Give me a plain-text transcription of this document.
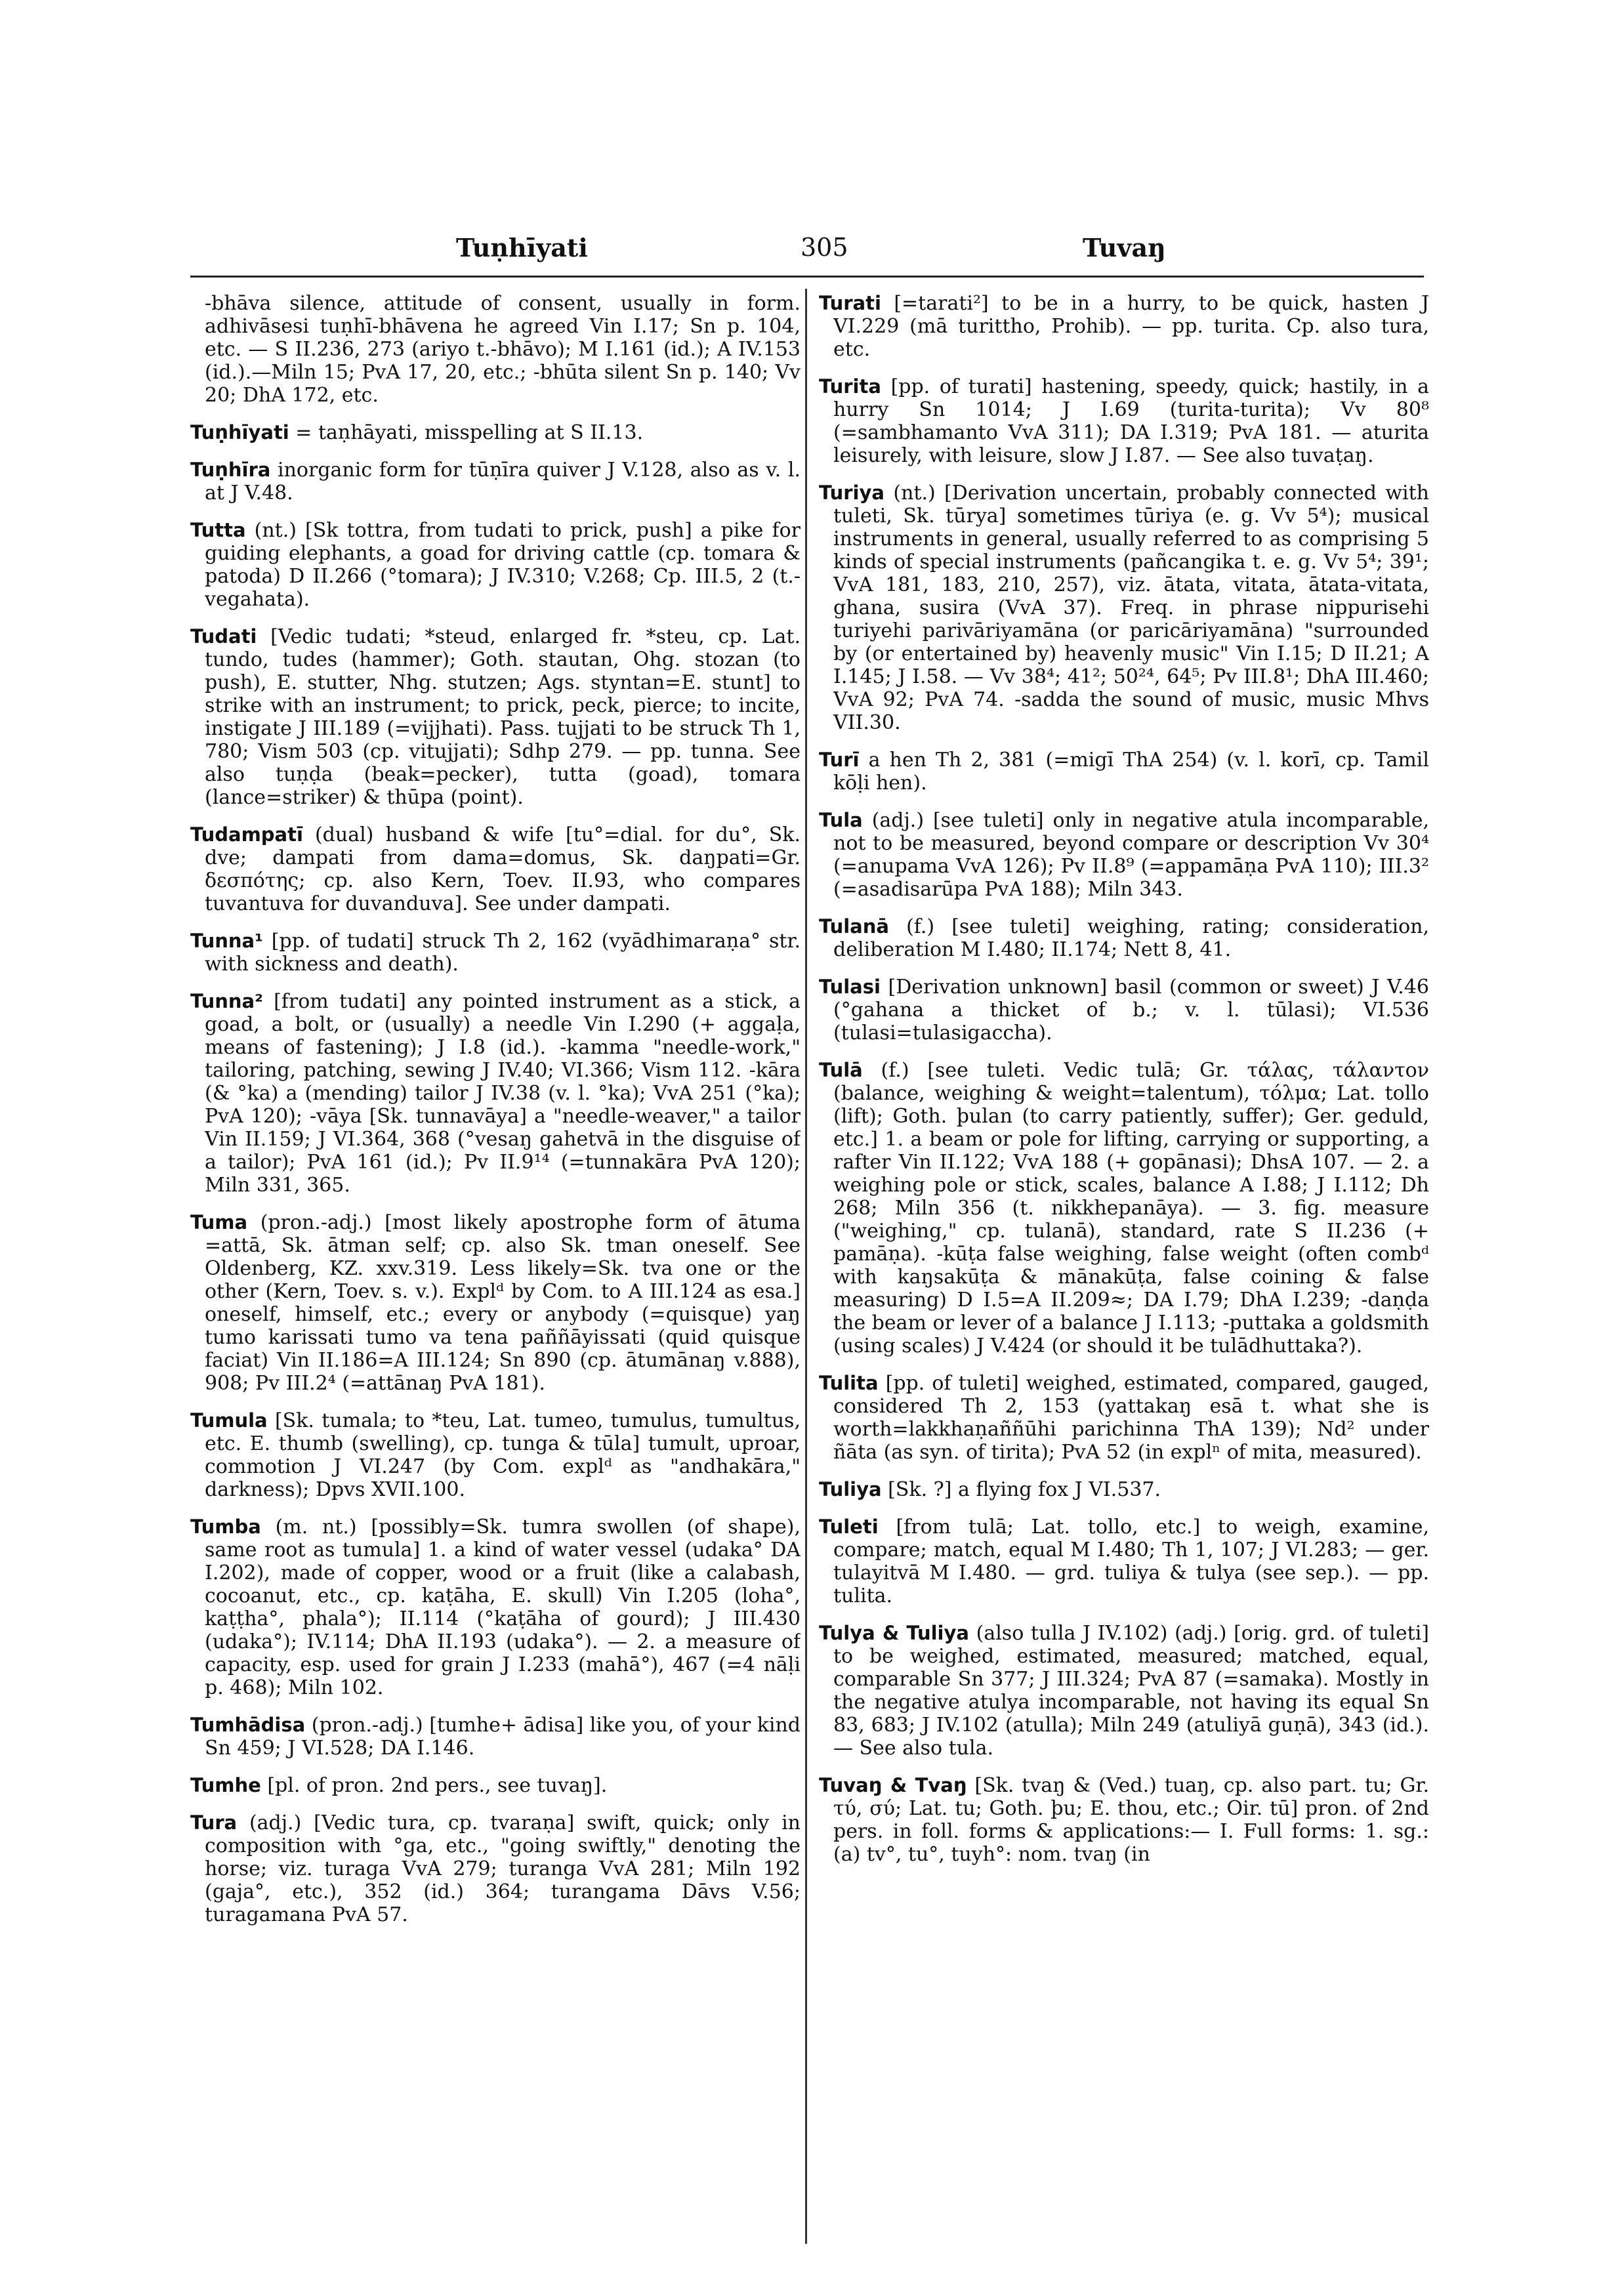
Tuṇhīyati	305	Tuvaŋ

-bhāva silence, attitude of consent, usually in form. adhivāsesi tuṇhī-bhāvena he agreed Vin I.17; Sn p. 104, etc. — S II.236, 273 (ariyo t.-bhāvo); M I.161 (id.); A IV.153 (id.).—Miln 15; PvA 17, 20, etc.; -bhūta silent Sn p. 140; Vv 20; DhA 172, etc.

Tuṇhīyati = taṇhāyati, misspelling at S II.13.

Tuṇhīra inorganic form for tūṇīra quiver J V.128, also as v. l. at J V.48.

Tutta (nt.) [Sk tottra, from tudati to prick, push] a pike for guiding elephants, a goad for driving cattle (cp. tomara & patoda) D II.266 (°tomara); J IV.310; V.268; Cp. III.5, 2 (t.-vegahata).

Tudati [Vedic tudati; *steud, enlarged fr. *steu, cp. Lat. tundo, tudes (hammer); Goth. stautan, Ohg. stozan (to push), E. stutter, Nhg. stutzen; Ags. styntan=E. stunt] to strike with an instrument; to prick, peck, pierce; to incite, instigate J III.189 (=vijjhati). Pass. tujjati to be struck Th 1, 780; Vism 503 (cp. vitujjati); Sdhp 279. — pp. tunna. See also tuṇḍa (beak=pecker), tutta (goad), tomara (lance=striker) & thūpa (point).

Tudampatī (dual) husband & wife [tu°=dial. for du°, Sk. dve; dampati from dama=domus, Sk. daŋpati=Gr. δεσπότης; cp. also Kern, Toev. II.93, who compares tuvantuva for duvanduva]. See under dampati.

Tunna¹ [pp. of tudati] struck Th 2, 162 (vyādhimaraṇa° str. with sickness and death).

Tunna² [from tudati] any pointed instrument as a stick, a goad, a bolt, or (usually) a needle Vin I.290 (+ aggaḷa, means of fastening); J I.8 (id.). -kamma "needle-work," tailoring, patching, sewing J IV.40; VI.366; Vism 112. -kāra (& °ka) a (mending) tailor J IV.38 (v. l. °ka); VvA 251 (°ka); PvA 120); -vāya [Sk. tunnavāya] a "needle-weaver," a tailor Vin II.159; J VI.364, 368 (°vesaŋ gahetvā in the disguise of a tailor); PvA 161 (id.); Pv II.9¹⁴ (=tunnakāra PvA 120); Miln 331, 365.

Tuma (pron.-adj.) [most likely apostrophe form of ātuma =attā, Sk. ātman self; cp. also Sk. tman oneself. See Oldenberg, KZ. xxv.319. Less likely=Sk. tva one or the other (Kern, Toev. s. v.). Explᵈ by Com. to A III.124 as esa.] oneself, himself, etc.; every or anybody (=quisque) yaŋ tumo karissati tumo va tena paññāyissati (quid quisque faciat) Vin II.186=A III.124; Sn 890 (cp. ātumānaŋ v.888), 908; Pv III.2⁴ (=attānaŋ PvA 181).

Tumula [Sk. tumala; to *teu, Lat. tumeo, tumulus, tumultus, etc. E. thumb (swelling), cp. tunga & tūla] tumult, uproar, commotion J VI.247 (by Com. explᵈ as "andhakāra," darkness); Dpvs XVII.100.

Tumba (m. nt.) [possibly=Sk. tumra swollen (of shape), same root as tumula] 1. a kind of water vessel (udaka° DA I.202), made of copper, wood or a fruit (like a calabash, cocoanut, etc., cp. kaṭāha, E. skull) Vin I.205 (loha°, kaṭṭha°, phala°); II.114 (°kaṭāha of gourd); J III.430 (udaka°); IV.114; DhA II.193 (udaka°). — 2. a measure of capacity, esp. used for grain J I.233 (mahā°), 467 (=4 nāḷi p. 468); Miln 102.

Tumhādisa (pron.-adj.) [tumhe+ ādisa] like you, of your kind Sn 459; J VI.528; DA I.146.

Tumhe [pl. of pron. 2nd pers., see tuvaŋ].

Tura (adj.) [Vedic tura, cp. tvaraṇa] swift, quick; only in composition with °ga, etc., "going swiftly," denoting the horse; viz. turaga VvA 279; turanga VvA 281; Miln 192 (gaja°, etc.), 352 (id.) 364; turangama Dāvs V.56; turagamana PvA 57.

Turati [=tarati²] to be in a hurry, to be quick, hasten J VI.229 (mā turittho, Prohib). — pp. turita. Cp. also tura, etc.

Turita [pp. of turati] hastening, speedy, quick; hastily, in a hurry Sn 1014; J I.69 (turita-turita); Vv 80⁸ (=sambhamanto VvA 311); DA I.319; PvA 181. — aturita leisurely, with leisure, slow J I.87. — See also tuvaṭaŋ.

Turiya (nt.) [Derivation uncertain, probably connected with tuleti, Sk. tūrya] sometimes tūriya (e. g. Vv 5⁴); musical instruments in general, usually referred to as comprising 5 kinds of special instruments (pañcangika t. e. g. Vv 5⁴; 39¹; VvA 181, 183, 210, 257), viz. ātata, vitata, ātata-vitata, ghana, susira (VvA 37). Freq. in phrase nippurisehi turiyehi parivāriyamāna (or paricāriyamāna) "surrounded by (or entertained by) heavenly music" Vin I.15; D II.21; A I.145; J I.58. — Vv 38⁴; 41²; 50²⁴, 64⁵; Pv III.8¹; DhA III.460; VvA 92; PvA 74. -sadda the sound of music, music Mhvs VII.30.

Turī a hen Th 2, 381 (=migī ThA 254) (v. l. korī, cp. Tamil kōḷi hen).

Tula (adj.) [see tuleti] only in negative atula incomparable, not to be measured, beyond compare or description Vv 30⁴ (=anupama VvA 126); Pv II.8⁹ (=appamāṇa PvA 110); III.3² (=asadisarūpa PvA 188); Miln 343.

Tulanā (f.) [see tuleti] weighing, rating; consideration, deliberation M I.480; II.174; Nett 8, 41.

Tulasi [Derivation unknown] basil (common or sweet) J V.46 (°gahana a thicket of b.; v. l. tūlasi); VI.536 (tulasi=tulasigaccha).

Tulā (f.) [see tuleti. Vedic tulā; Gr. τάλας, τάλαντον (balance, weighing & weight=talentum), τόλμα; Lat. tollo (lift); Goth. þulan (to carry patiently, suffer); Ger. geduld, etc.] 1. a beam or pole for lifting, carrying or supporting, a rafter Vin II.122; VvA 188 (+ gopānasi); DhsA 107. — 2. a weighing pole or stick, scales, balance A I.88; J I.112; Dh 268; Miln 356 (t. nikkhepanāya). — 3. fig. measure ("weighing," cp. tulanā), standard, rate S II.236 (+ pamāṇa). -kūṭa false weighing, false weight (often combᵈ with kaŋsakūṭa & mānakūṭa, false coining & false measuring) D I.5=A II.209≈; DA I.79; DhA I.239; -daṇḍa the beam or lever of a balance J I.113; -puttaka a goldsmith (using scales) J V.424 (or should it be tulādhuttaka?).

Tulita [pp. of tuleti] weighed, estimated, compared, gauged, considered Th 2, 153 (yattakaŋ esā t. what she is worth=lakkhaṇaññūhi parichinna ThA 139); Nd² under ñāta (as syn. of tirita); PvA 52 (in explⁿ of mita, measured).

Tuliya [Sk. ?] a flying fox J VI.537.

Tuleti [from tulā; Lat. tollo, etc.] to weigh, examine, compare; match, equal M I.480; Th 1, 107; J VI.283; — ger. tulayitvā M I.480. — grd. tuliya & tulya (see sep.). — pp. tulita.

Tulya & Tuliya (also tulla J IV.102) (adj.) [orig. grd. of tuleti] to be weighed, estimated, measured; matched, equal, comparable Sn 377; J III.324; PvA 87 (=samaka). Mostly in the negative atulya incomparable, not having its equal Sn 83, 683; J IV.102 (atulla); Miln 249 (atuliyā guṇā), 343 (id.). — See also tula.

Tuvaŋ & Tvaŋ [Sk. tvaŋ & (Ved.) tuaŋ, cp. also part. tu; Gr. τύ, σύ; Lat. tu; Goth. þu; E. thou, etc.; Oir. tū] pron. of 2nd pers. in foll. forms & applications:— I. Full forms: 1. sg.: (a) tv°, tu°, tuyh°: nom. tvaŋ (in
